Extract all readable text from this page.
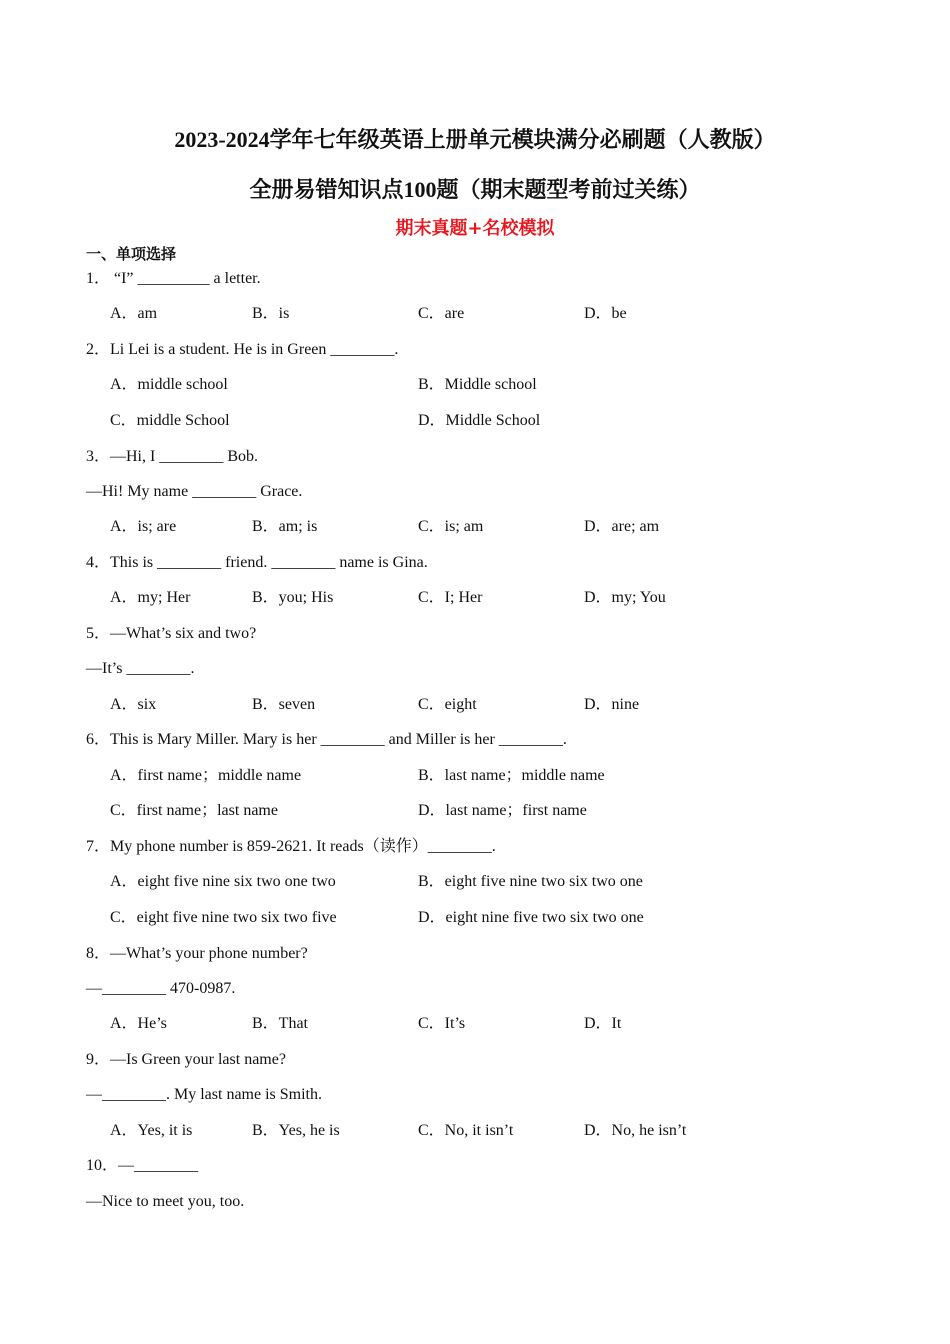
2023-2024学年七年级英语上册单元模块满分必刷题（人教版）
全册易错知识点100题（期末题型考前过关练）
期末真题+名校模拟
一、单项选择
1． “I” _________ a letter.
A．am	B．is	C．are	D．be
2．Li Lei is a student. He is in Green ________.
A．middle school	B．Middle school
C．middle School	D．Middle School
3．—Hi, I ________ Bob.
—Hi! My name ________ Grace.
A．is; are	B．am; is	C．is; am	D．are; am
4．This is ________ friend. ________ name is Gina.
A．my; Her	B．you; His	C．I; Her	D．my; You
5．—What’s six and two?
—It’s ________.
A．six	B．seven	C．eight	D．nine
6．This is Mary Miller. Mary is her ________ and Miller is her ________.
A．first name；middle name	B．last name；middle name
C．first name；last name	D．last name；first name
7．My phone number is 859-2621. It reads（读作）________.
A．eight five nine six two one two	B．eight five nine two six two one
C．eight five nine two six two five	D．eight nine five two six two one
8．—What’s your phone number?
—________ 470-0987.
A．He’s	B．That	C．It’s	D．It
9．—Is Green your last name?
—________. My last name is Smith.
A．Yes, it is	B．Yes, he is	C．No, it isn’t	D．No, he isn’t
10．—________
—Nice to meet you, too.
